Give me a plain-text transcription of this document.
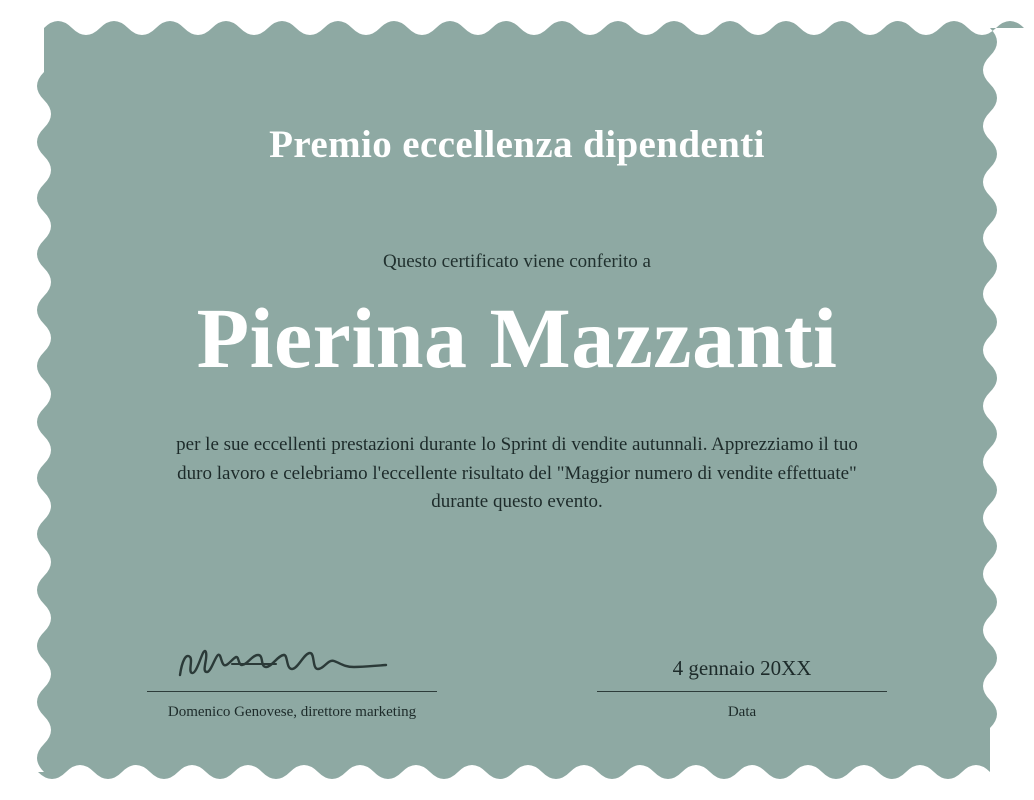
Premio eccellenza dipendenti

Questo certificato viene conferito a

Pierina Mazzanti

per le sue eccellenti prestazioni durante lo Sprint di vendite autunnali. Apprezziamo il tuo duro lavoro e celebriamo l'eccellente risultato del "Maggior numero di vendite effettuate" durante questo evento.

Domenico Genovese, direttore marketing
4 gennaio 20XX
Data
